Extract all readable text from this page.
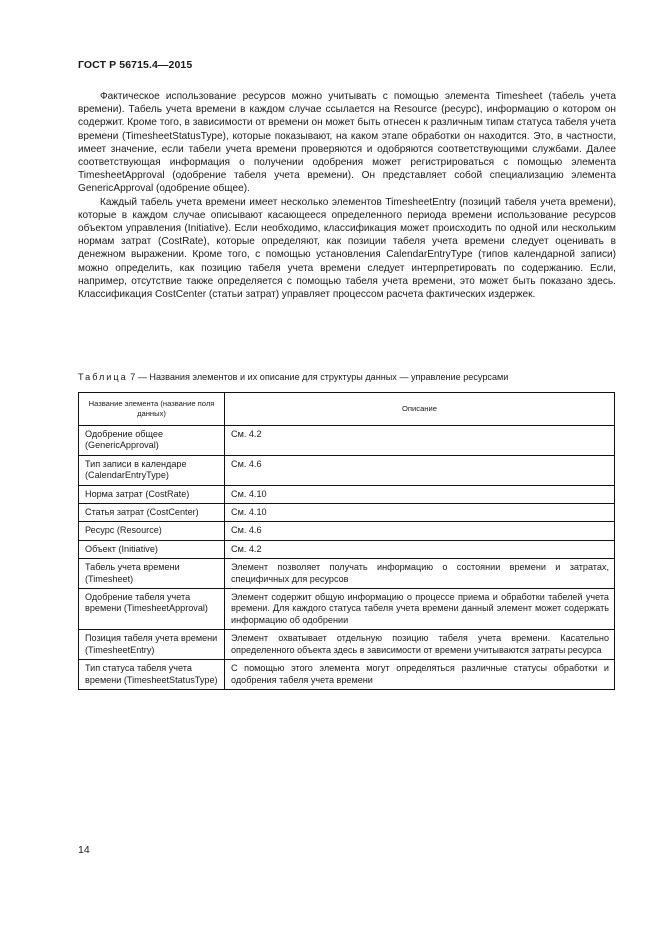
ГОСТ Р 56715.4—2015

Фактическое использование ресурсов можно учитывать с помощью элемента Timesheet (табель учета времени). Табель учета времени в каждом случае ссылается на Resource (ресурс), информацию о котором он содержит. Кроме того, в зависимости от времени он может быть отнесен к различным типам статуса табеля учета времени (TimesheetStatusType), которые показывают, на каком этапе обработки он находится. Это, в частности, имеет значение, если табели учета времени проверяются и одобряются соответствующими службами. Далее соответствующая информация о получении одобрения может регистрироваться с помощью элемента TimesheetApproval (одобрение табеля учета времени). Он представляет собой специализацию элемента GenericApproval (одобрение общее).

Каждый табель учета времени имеет несколько элементов TimesheetEntry (позиций табеля учета времени), которые в каждом случае описывают касающееся определенного периода времени использование ресурсов объектом управления (Initiative). Если необходимо, классификация может происходить по одной или нескольким нормам затрат (CostRate), которые определяют, как позиции табеля учета времени следует оценивать в денежном выражении. Кроме того, с помощью установления CalendarEntryType (типов календарной записи) можно определить, как позицию табеля учета времени следует интерпретировать по содержанию. Если, например, отсутствие также определяется с помощью табеля учета времени, это может быть показано здесь. Классификация CostCenter (статьи затрат) управляет процессом расчета фактических издержек.

Таблица 7 — Названия элементов и их описание для структуры данных — управление ресурсами
Название элемента (название поля данных)	Описание
Одобрение общее (GenericApproval)	См. 4.2
Тип записи в календаре (CalendarEntryType)	См. 4.6
Норма затрат (CostRate)	См. 4.10
Статья затрат (CostCenter)	См. 4.10
Ресурс (Resource)	См. 4.6
Объект (Initiative)	См. 4.2
Табель учета времени (Timesheet)	Элемент позволяет получать информацию о состоянии времени и затратах, специфичных для ресурсов
Одобрение табеля учета времени (TimesheetApproval)	Элемент содержит общую информацию о процессе приема и обработки табелей учета времени. Для каждого статуса табеля учета времени данный элемент может содержать информацию об одобрении
Позиция табеля учета времени (TimesheetEntry)	Элемент охватывает отдельную позицию табеля учета времени. Касательно определенного объекта здесь в зависимости от времени учитываются затраты ресурса
Тип статуса табеля учета времени (TimesheetStatusType)	С помощью этого элемента могут определяться различные статусы обработки и одобрения табеля учета времени
14
